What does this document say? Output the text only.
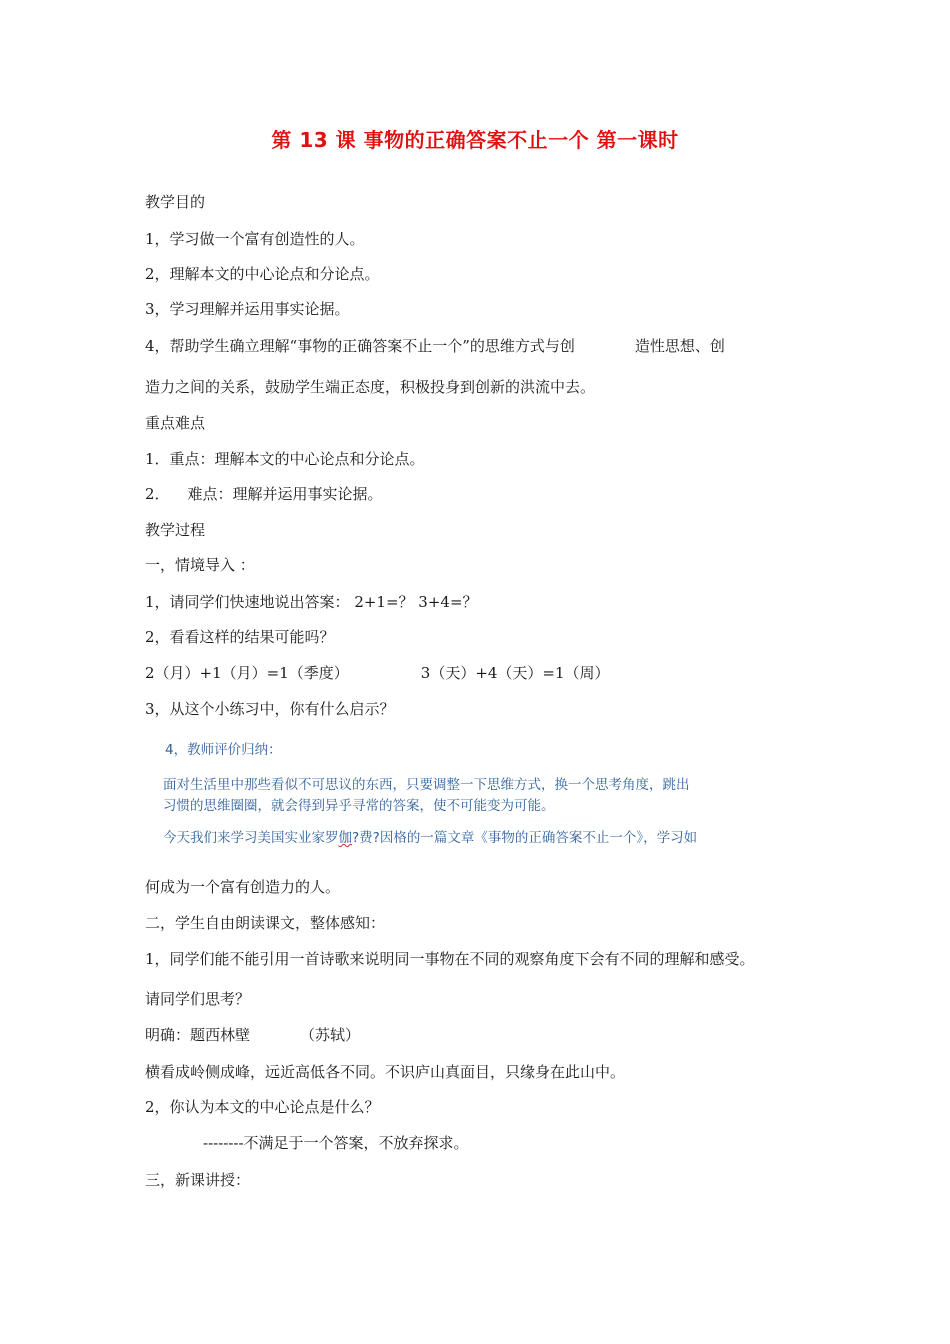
第 13 课 事物的正确答案不止一个 第一课时
教学目的
1，学习做一个富有创造性的人。
2，理解本文的中心论点和分论点。
3，学习理解并运用事实论据。
4，帮助学生确立理解“事物的正确答案不止一个”的思维方式与创	造性思想、创
造力之间的关系，鼓励学生端正态度，积极投身到创新的洪流中去。
重点难点
1．重点：理解本文的中心论点和分论点。
2． 难点：理解并运用事实论据。
教学过程
一，情境导入 ：
1，请同学们快速地说出答案： 2+1=？ 3+4=？
2，看看这样的结果可能吗？
2（月）+1（月）=1（季度）	3（天）+4（天）=1（周）
3，从这个小练习中，你有什么启示？
4，教师评价归纳：
面对生活里中那些看似不可思议的东西，只要调整一下思维方式，换一个思考角度，跳出
习惯的思维圈圈，就会得到异乎寻常的答案，使不可能变为可能。
今天我们来学习美国实业家罗伽?费?因格的一篇文章《事物的正确答案不止一个》，学习如
何成为一个富有创造力的人。
二，学生自由朗读课文，整体感知：
1，同学们能不能引用一首诗歌来说明同一事物在不同的观察角度下会有不同的理解和感受。
请同学们思考？
明确：题西林壁	（苏轼）
横看成岭侧成峰，远近高低各不同。不识庐山真面目，只缘身在此山中。
2，你认为本文的中心论点是什么？
--------不满足于一个答案，不放弃探求。
三，新课讲授：
